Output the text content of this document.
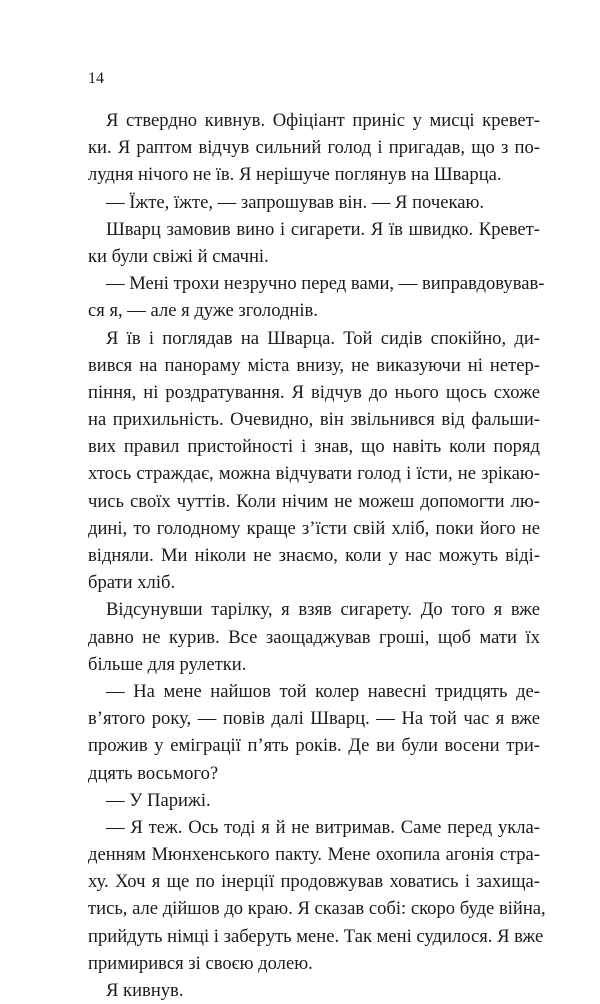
14
Я ствердно кивнув. Офіціант приніс у мисці кревет-
ки. Я раптом відчув сильний голод і пригадав, що з по-
лудня нічого не їв. Я нерішуче поглянув на Шварца.
— Їжте, їжте, — запрошував він. — Я почекаю.
Шварц замовив вино і сигарети. Я їв швидко. Кревет-
ки були свіжі й смачні.
— Мені трохи незручно перед вами, — виправдовував-
ся я, — але я дуже зголоднів.
Я їв і поглядав на Шварца. Той сидів спокійно, ди-
вився на панораму міста внизу, не виказуючи ні нетер-
піння, ні роздратування. Я відчув до нього щось схоже
на прихильність. Очевидно, він звільнився від фальши-
вих правил пристойності і знав, що навіть коли поряд
хтось страждає, можна відчувати голод і їсти, не зрікаю-
чись своїх чуттів. Коли нічим не можеш допомогти лю-
дині, то голодному краще з’їсти свій хліб, поки його не
відняли. Ми ніколи не знаємо, коли у нас можуть віді-
брати хліб.
Відсунувши тарілку, я взяв сигарету. До того я вже
давно не курив. Все заощаджував гроші, щоб мати їх
більше для рулетки.
— На мене найшов той колер навесні тридцять де-
в’ятого року, — повів далі Шварц. — На той час я вже
прожив у еміграції п’ять років. Де ви були восени три-
дцять восьмого?
— У Парижі.
— Я теж. Ось тоді я й не витримав. Саме перед укла-
денням Мюнхенського пакту. Мене охопила агонія стра-
ху. Хоч я ще по інерції продовжував ховатись і захища-
тись, але дійшов до краю. Я сказав собі: скоро буде війна,
прийдуть німці і заберуть мене. Так мені судилося. Я вже
примирився зі своєю долею.
Я кивнув.
